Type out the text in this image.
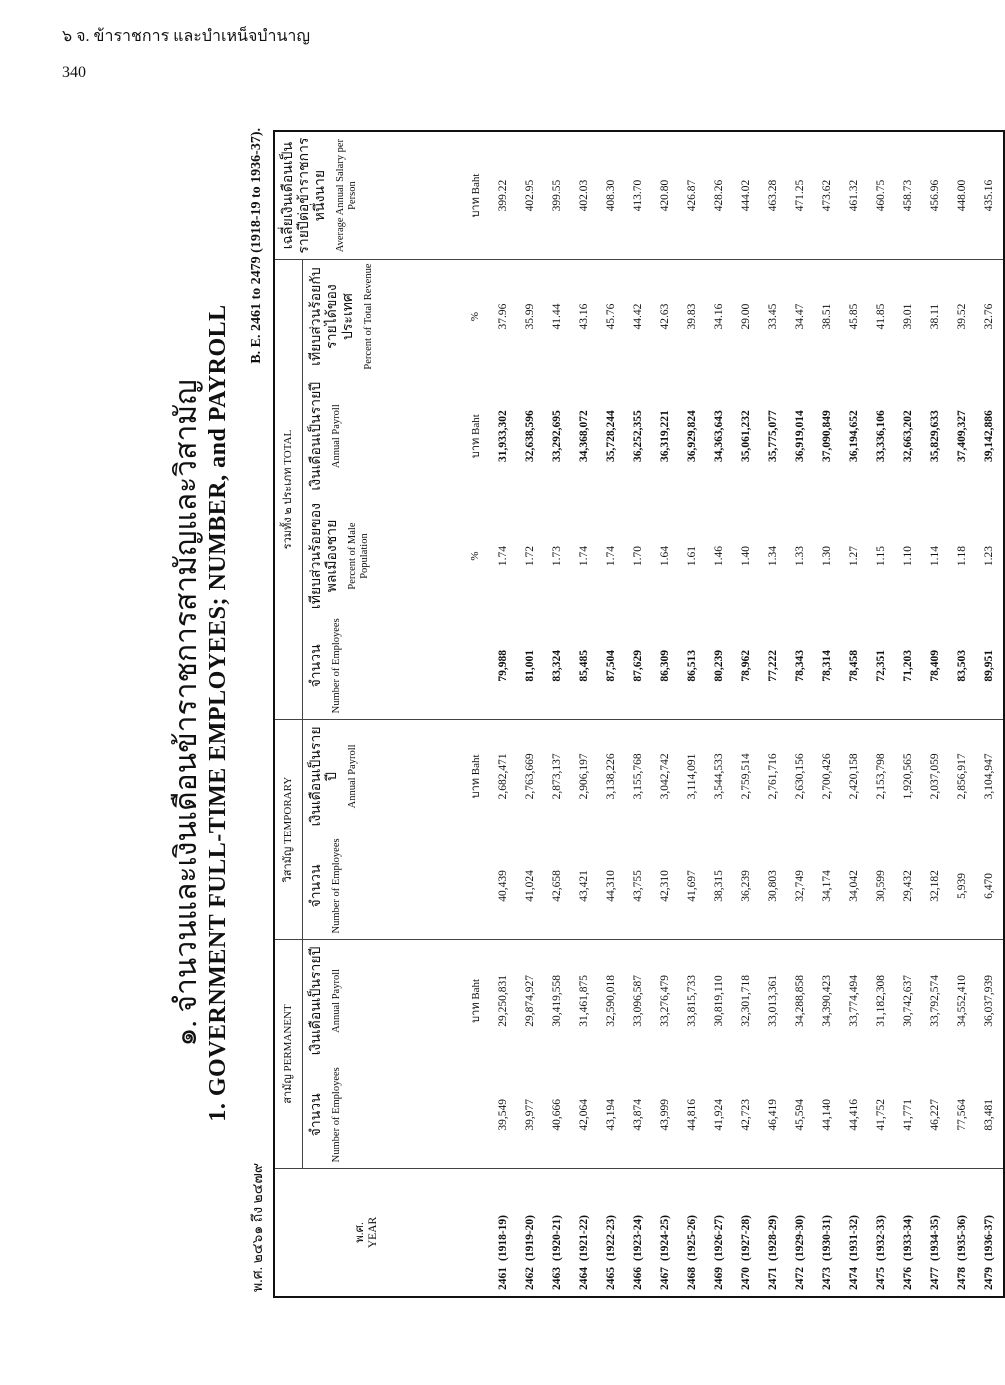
๖ จ. ข้าราชการ และบำเหน็จบำนาญ
340
๑. จำนวนและเงินเดือนข้าราชการสามัญและวิสามัญ 1. GOVERNMENT FULL-TIME EMPLOYEES; NUMBER, and PAYROLL
พ.ศ. ๒๔๖๑ ถึง ๒๔๗๙
B. E. 2461 to 2479 (1918-19 to 1936-37).
พ.ศ.
YEAR	สามัญ PERMANENT		วิสามัญ TEMPORARY		รวมทั้ง ๒ ประเภท TOTAL				เฉลี่ยเงินเดือนเป็นรายปีต่อข้าราชการหนึ่งนาย Average Annual Salary per Person

	จำนวน Number of Employees	เงินเดือนเป็นรายปี Annual Payroll	จำนวน Number of Employees	เงินเดือนเป็นรายปี Annual Payroll	จำนวน Number of Employees	เทียบส่วนร้อยของพลเมืองชาย Percent of Male Population	เงินเดือนเป็นรายปี Annual Payroll	เทียบส่วนร้อยกับรายได้ของประเทศ Percent of Total Revenue	

		บาท Baht		บาท Baht		%	บาท Baht	%	บาท Baht
2461(1918-19)	39,549	29,250,831	40,439	2,682,471	79,988	1.74	31,933,302	37.96	399.22
2462(1919-20)	39,977	29,874,927	41,024	2,763,669	81,001	1.72	32,638,596	35.99	402.95
2463(1920-21)	40,666	30,419,558	42,658	2,873,137	83,324	1.73	33,292,695	41.44	399.55
2464(1921-22)	42,064	31,461,875	43,421	2,906,197	85,485	1.74	34,368,072	43.16	402.03
2465(1922-23)	43,194	32,590,018	44,310	3,138,226	87,504	1.74	35,728,244	45.76	408.30
2466(1923-24)	43,874	33,096,587	43,755	3,155,768	87,629	1.70	36,252,355	44.42	413.70
2467(1924-25)	43,999	33,276,479	42,310	3,042,742	86,309	1.64	36,319,221	42.63	420.80
2468(1925-26)	44,816	33,815,733	41,697	3,114,091	86,513	1.61	36,929,824	39.83	426.87
2469(1926-27)	41,924	30,819,110	38,315	3,544,533	80,239	1.46	34,363,643	34.16	428.26
2470(1927-28)	42,723	32,301,718	36,239	2,759,514	78,962	1.40	35,061,232	29.00	444.02
2471(1928-29)	46,419	33,013,361	30,803	2,761,716	77,222	1.34	35,775,077	33.45	463.28
2472(1929-30)	45,594	34,288,858	32,749	2,630,156	78,343	1.33	36,919,014	34.47	471.25
2473(1930-31)	44,140	34,390,423	34,174	2,700,426	78,314	1.30	37,090,849	38.51	473.62
2474(1931-32)	44,416	33,774,494	34,042	2,420,158	78,458	1.27	36,194,652	45.85	461.32
2475(1932-33)	41,752	31,182,308	30,599	2,153,798	72,351	1.15	33,336,106	41.85	460.75
2476(1933-34)	41,771	30,742,637	29,432	1,920,565	71,203	1.10	32,663,202	39.01	458.73
2477(1934-35)	46,227	33,792,574	32,182	2,037,059	78,409	1.14	35,829,633	38.11	456.96
2478(1935-36)	77,564	34,552,410	5,939	2,856,917	83,503	1.18	37,409,327	39.52	448.00
2479(1936-37)	83,481	36,037,939	6,470	3,104,947	89,951	1.23	39,142,886	32.76	435.16
